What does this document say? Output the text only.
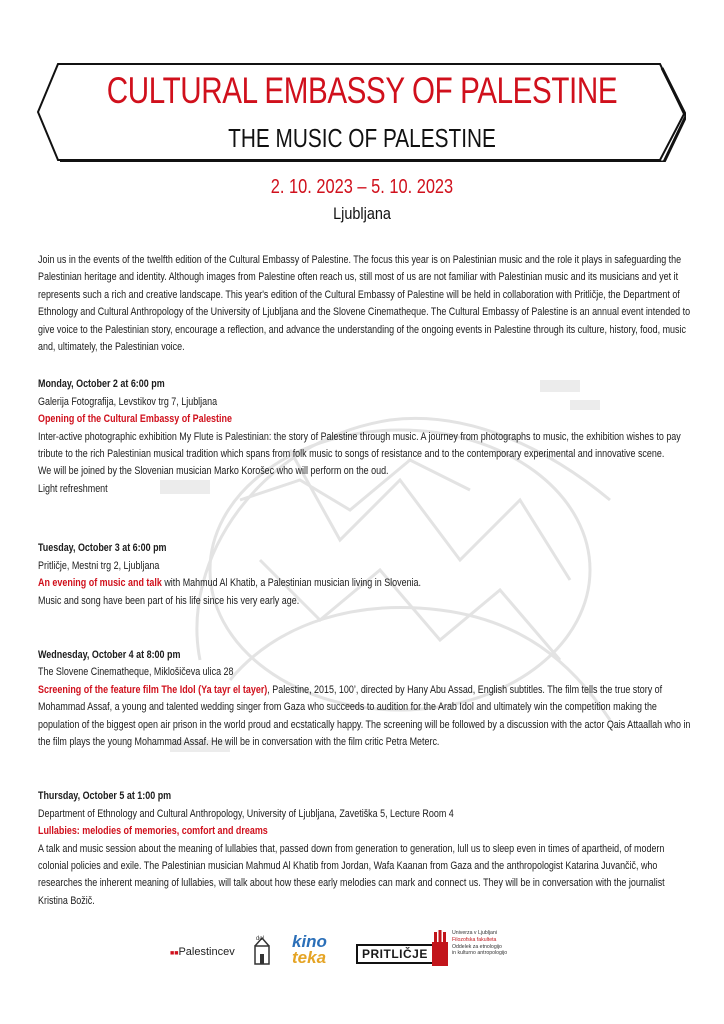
CULTURAL EMBASSY OF PALESTINE
THE MUSIC OF PALESTINE
2. 10. 2023 – 5. 10. 2023
Ljubljana

Join us in the events of the twelfth edition of the Cultural Embassy of Palestine. The focus this year is on Palestinian music and the role it plays in safeguarding the Palestinian heritage and identity. Although images from Palestine often reach us, still most of us are not familiar with Palestinian music and its musicians and yet it represents such a rich and creative landscape. This year's edition of the Cultural Embassy of Palestine will be held in collaboration with Pritličje, the Department of Ethnology and Cultural Anthropology of the University of Ljubljana and the Slovene Cinematheque. The Cultural Embassy of Palestine is an annual event intended to give voice to the Palestinian story, encourage a reflection, and advance the understanding of the ongoing events in Palestine through its culture, history, food, music and, ultimately, the Palestinian voice.

Monday, October 2 at 6:00 pm

Galerija Fotografija, Levstikov trg 7, Ljubljana

Opening of the Cultural Embassy of Palestine

Inter-active photographic exhibition My Flute is Palestinian: the story of Palestine through music. A journey from photographs to music, the exhibition wishes to pay tribute to the rich Palestinian musical tradition which spans from folk music to songs of resistance and to the contemporary experimental and innovative scene.

We will be joined by the Slovenian musician Marko Korošec who will perform on the oud.

Light refreshment

Tuesday, October 3 at 6:00 pm

Pritličje, Mestni trg 2, Ljubljana

An evening of music and talk with Mahmud Al Khatib, a Palestinian musician living in Slovenia.

Music and song have been part of his life since his very early age.

Wednesday, October 4 at 8:00 pm

The Slovene Cinematheque, Miklošičeva ulica 28

Screening of the feature film The Idol (Ya tayr el tayer), Palestine, 2015, 100’, directed by Hany Abu Assad, English subtitles. The film tells the true story of Mohammad Assaf, a young and talented wedding singer from Gaza who succeeds to audition for the Arab Idol and ultimately win the competition making the population of the biggest open air prison in the world proud and ecstatically happy. The screening will be followed by a discussion with the actor Qais Attaallah who in the film plays the young Mohammad Assaf. He will be in conversation with the film critic Petra Meterc.

Thursday, October 5 at 1:00 pm

Department of Ethnology and Cultural Anthropology, University of Ljubljana, Zavetiška 5, Lecture Room 4

Lullabies: melodies of memories, comfort and dreams

A talk and music session about the meaning of lullabies that, passed down from generation to generation, lull us to sleep even in times of apartheid, of modern colonial policies and exile. The Palestinian musician Mahmud Al Khatib from Jordan, Wafa Kaanan from Gaza and the anthropologist Katarina Juvančič, who researches the inherent meaning of lullabies, will talk about how these early melodies can mark and connect us. They will be in conversation with the journalist Kristina Božič.

■■Palestincev
dol kino
teka	PRITLIČJE
Univerza v Ljubljani
Filozofska fakulteta
Oddelek za etnologijo
in kulturno antropologijo
